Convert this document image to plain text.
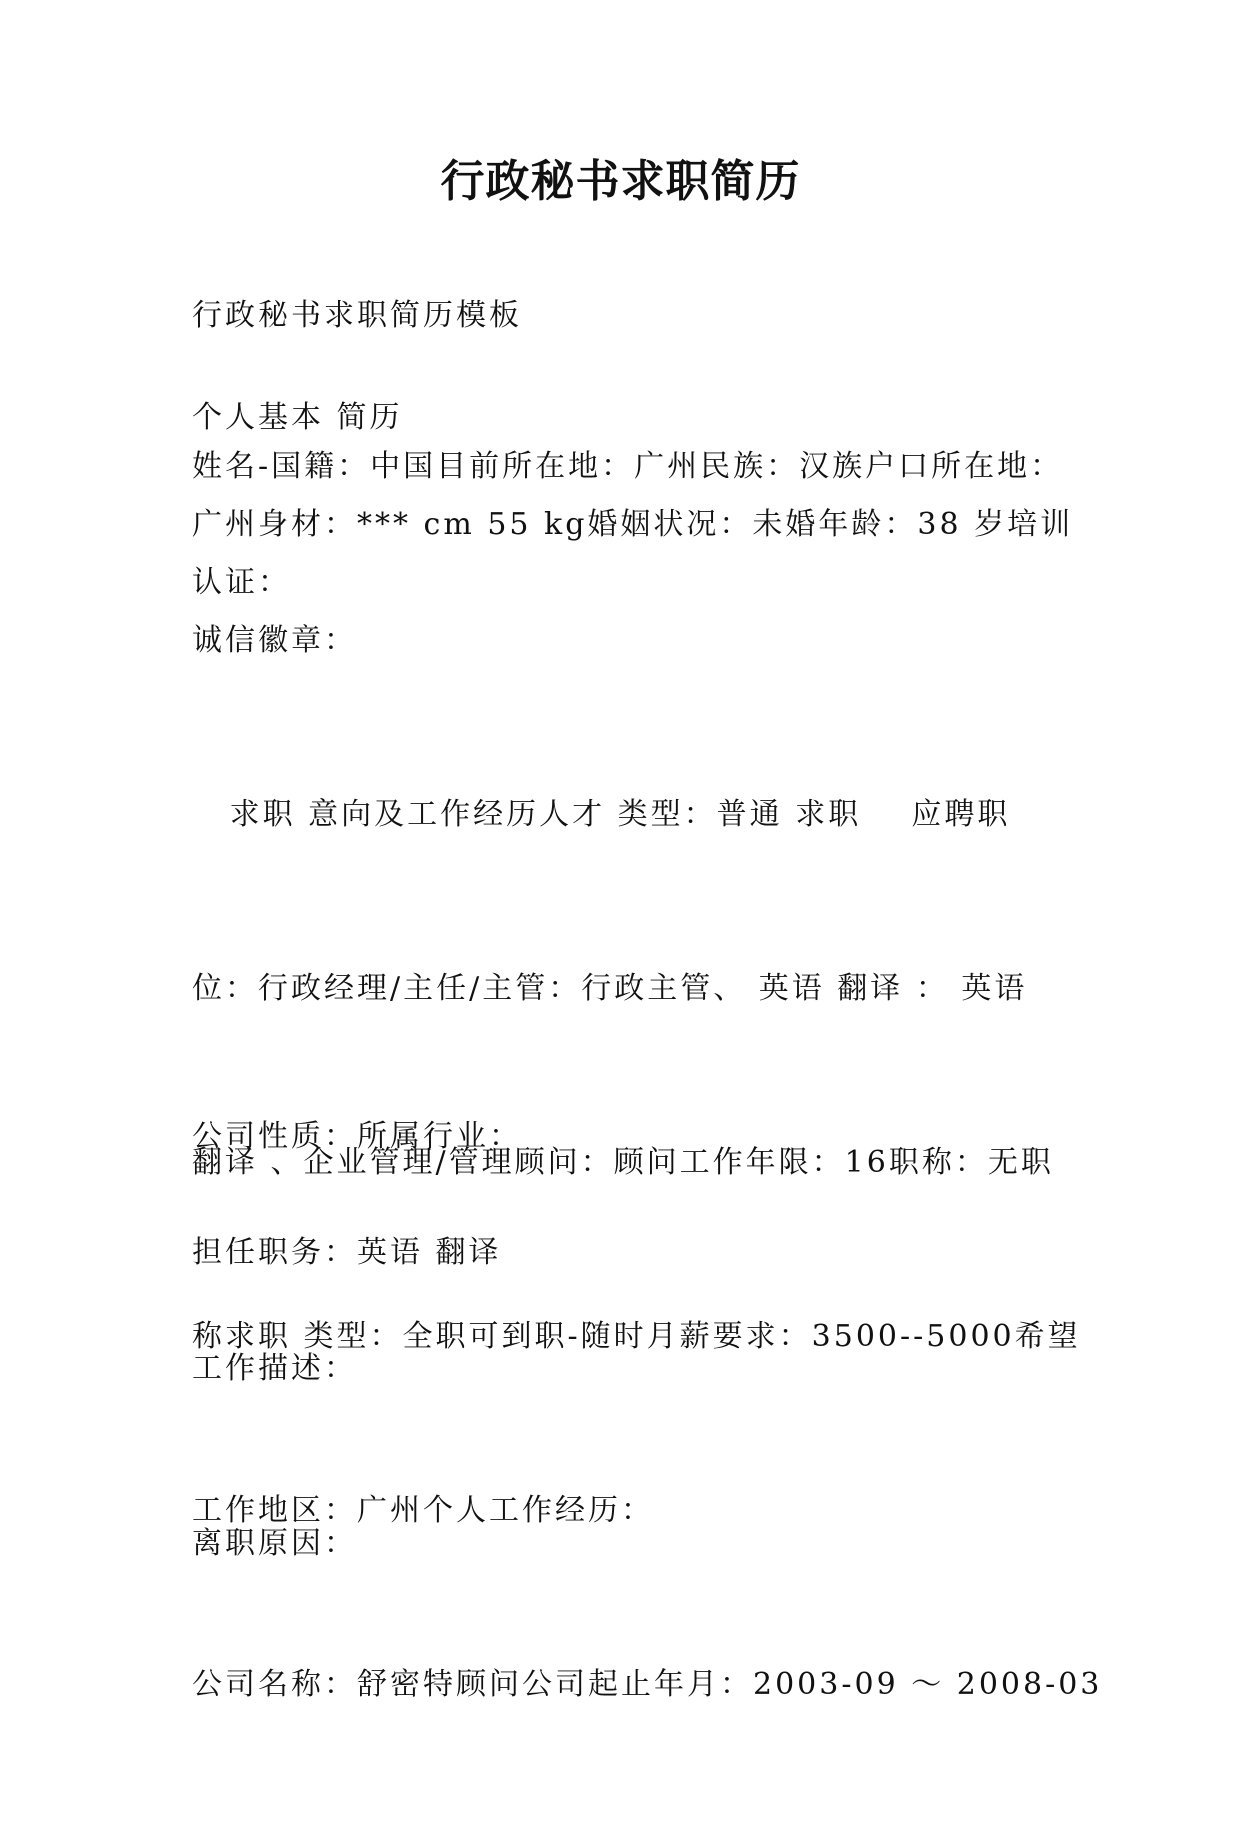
行政秘书求职简历
行政秘书求职简历模板
个人基本 简历
姓名-国籍：中国目前所在地：广州民族：汉族户口所在地：
广州身材：*** cm 55 kg婚姻状况：未婚年龄：38 岁培训
认证：
诚信徽章：

求职 意向及工作经历人才 类型：普通 求职    应聘职

位：行政经理/主任/主管：行政主管、 英语 翻译 ： 英语

翻译 、企业管理/管理顾问：顾问工作年限：16职称：无职

称求职 类型：全职可到职-随时月薪要求：3500--5000希望

工作地区：广州个人工作经历：

公司名称：舒密特顾问公司起止年月：2003-09 ～ 2008-03

公司性质：所属行业：
担任职务：英语 翻译
工作描述：
离职原因：
